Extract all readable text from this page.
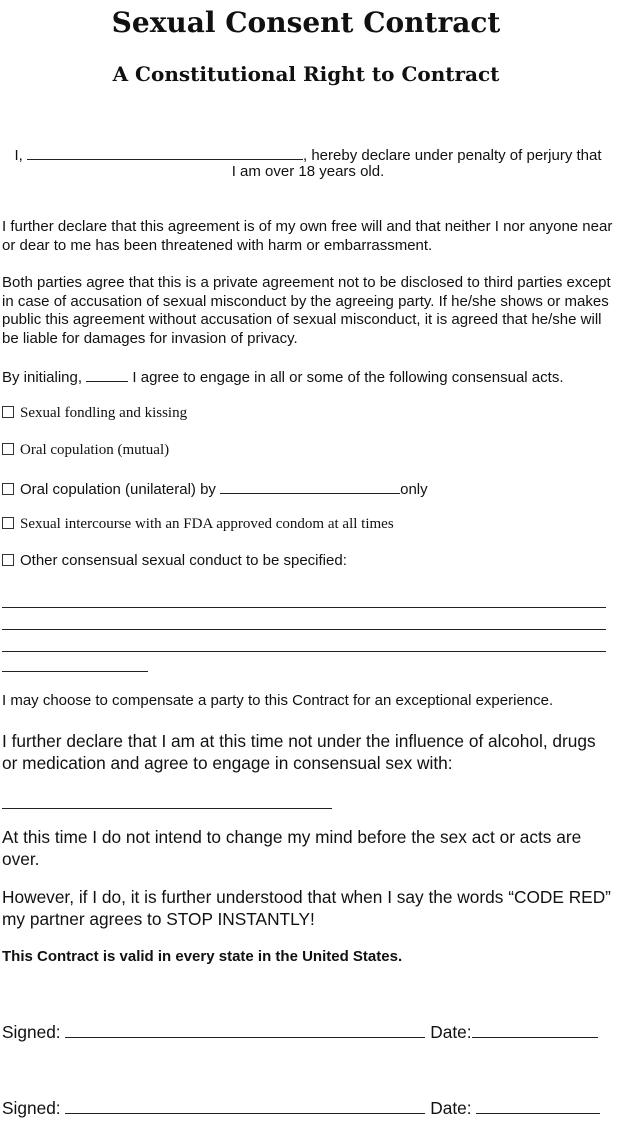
Sexual Consent Contract
A Constitutional Right to Contract
I,	, hereby declare under penalty of perjury that
I am over 18 years old.

I further declare that this agreement is of my own free will and that neither I nor anyone near or dear to me has been threatened with harm or embarrassment.

Both parties agree that this is a private agreement not to be disclosed to third parties except in case of accusation of sexual misconduct by the agreeing party. If he/she shows or makes public this agreement without accusation of sexual misconduct, it is agreed that he/she will be liable for damages for invasion of privacy.

By initialing,	I agree to engage in all or some of the following consensual acts.
Sexual fondling and kissing
Oral copulation (mutual)
Oral copulation (unilateral) by	only
Sexual intercourse with an FDA approved condom at all times
Other consensual sexual conduct to be specified:

I may choose to compensate a party to this Contract for an exceptional experience.

I further declare that I am at this time not under the influence of alcohol, drugs or medication and agree to engage in consensual sex with:

At this time I do not intend to change my mind before the sex act or acts are over.

However, if I do, it is further understood that when I say the words “CODE RED” my partner agrees to STOP INSTANTLY!

This Contract is valid in every state in the United States.

Signed:	Date:
Signed:	Date:
